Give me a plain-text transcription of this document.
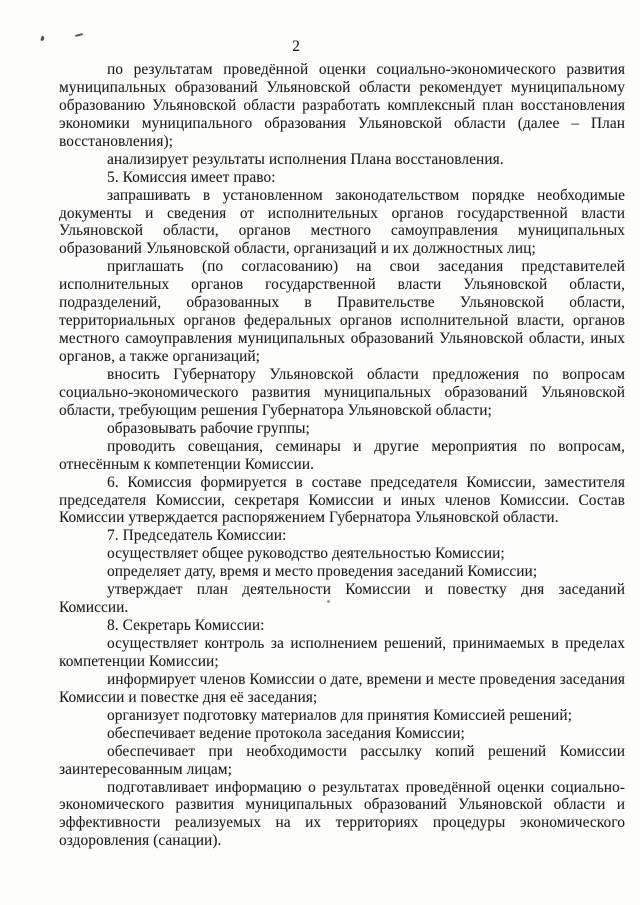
2

по результатам проведённой оценки социально-экономического развития муниципальных образований Ульяновской области рекомендует муниципальному образованию Ульяновской области разработать комплексный план восстановления экономики муниципального образования Ульяновской области (далее – План восстановления);

анализирует результаты исполнения Плана восстановления.

5. Комиссия имеет право:

запрашивать в установленном законодательством порядке необходимые документы и сведения от исполнительных органов государственной власти Ульяновской области, органов местного самоуправления муниципальных образований Ульяновской области, организаций и их должностных лиц;

приглашать (по согласованию) на свои заседания представителей исполнительных органов государственной власти Ульяновской области, подразделений, образованных в Правительстве Ульяновской области, территориальных органов федеральных органов исполнительной власти, органов местного самоуправления муниципальных образований Ульяновской области, иных органов, а также организаций;

вносить Губернатору Ульяновской области предложения по вопросам социально-экономического развития муниципальных образований Ульяновской области, требующим решения Губернатора Ульяновской области;

образовывать рабочие группы;

проводить совещания, семинары и другие мероприятия по вопросам, отнесённым к компетенции Комиссии.

6. Комиссия формируется в составе председателя Комиссии, заместителя председателя Комиссии, секретаря Комиссии и иных членов Комиссии. Состав Комиссии утверждается распоряжением Губернатора Ульяновской области.

7. Председатель Комиссии:

осуществляет общее руководство деятельностью Комиссии;

определяет дату, время и место проведения заседаний Комиссии;

утверждает план деятельности Комиссии и повестку дня заседаний Комиссии.

8. Секретарь Комиссии:

осуществляет контроль за исполнением решений, принимаемых в пределах компетенции Комиссии;

информирует членов Комиссии о дате, времени и месте проведения заседания Комиссии и повестке дня её заседания;

организует подготовку материалов для принятия Комиссией решений;

обеспечивает ведение протокола заседания Комиссии;

обеспечивает при необходимости рассылку копий решений Комиссии заинтересованным лицам;

подготавливает информацию о результатах проведённой оценки социально-экономического развития муниципальных образований Ульяновской области и эффективности реализуемых на их территориях процедуры экономического оздоровления (санации).
